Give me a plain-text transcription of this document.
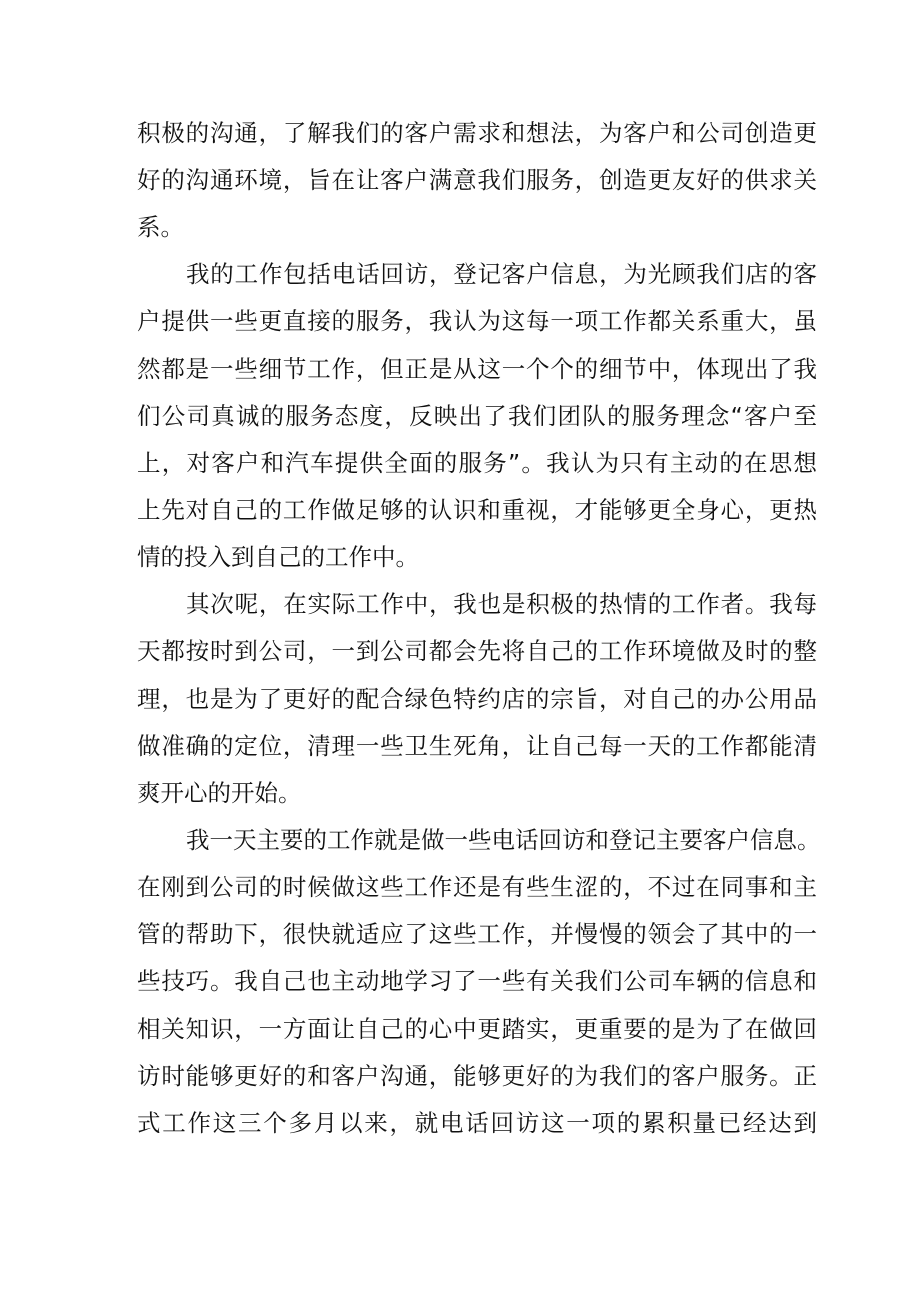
积极的沟通，了解我们的客户需求和想法，为客户和公司创造更

好的沟通环境，旨在让客户满意我们服务，创造更友好的供求关

系。

我的工作包括电话回访，登记客户信息，为光顾我们店的客

户提供一些更直接的服务，我认为这每一项工作都关系重大，虽

然都是一些细节工作，但正是从这一个个的细节中，体现出了我

们公司真诚的服务态度，反映出了我们团队的服务理念“客户至

上，对客户和汽车提供全面的服务”。我认为只有主动的在思想

上先对自己的工作做足够的认识和重视，才能够更全身心，更热

情的投入到自己的工作中。

其次呢，在实际工作中，我也是积极的热情的工作者。我每

天都按时到公司，一到公司都会先将自己的工作环境做及时的整

理，也是为了更好的配合绿色特约店的宗旨，对自己的办公用品

做准确的定位，清理一些卫生死角，让自己每一天的工作都能清

爽开心的开始。

我一天主要的工作就是做一些电话回访和登记主要客户信息。

在刚到公司的时候做这些工作还是有些生涩的，不过在同事和主

管的帮助下，很快就适应了这些工作，并慢慢的领会了其中的一

些技巧。我自己也主动地学习了一些有关我们公司车辆的信息和

相关知识，一方面让自己的心中更踏实，更重要的是为了在做回

访时能够更好的和客户沟通，能够更好的为我们的客户服务。正

式工作这三个多月以来，就电话回访这一项的累积量已经达到
